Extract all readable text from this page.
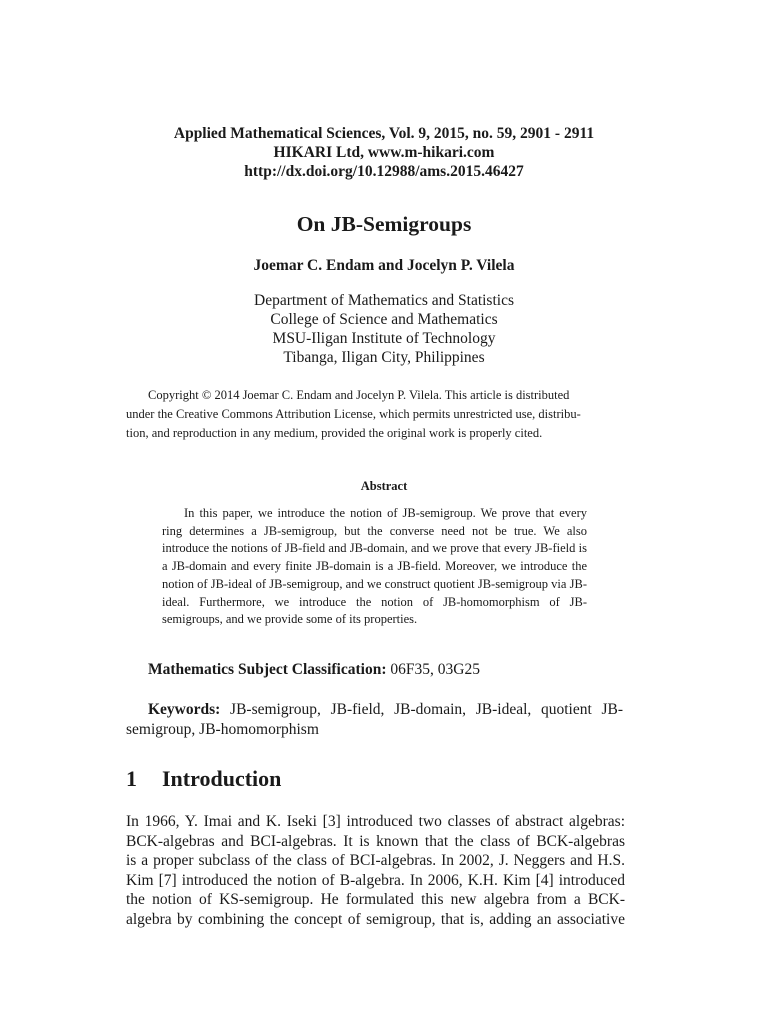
Applied Mathematical Sciences, Vol. 9, 2015, no. 59, 2901 - 2911
HIKARI Ltd, www.m-hikari.com
http://dx.doi.org/10.12988/ams.2015.46427
On JB-Semigroups
Joemar C. Endam and Jocelyn P. Vilela
Department of Mathematics and Statistics
College of Science and Mathematics
MSU-Iligan Institute of Technology
Tibanga, Iligan City, Philippines
Copyright © 2014 Joemar C. Endam and Jocelyn P. Vilela. This article is distributed
under the Creative Commons Attribution License, which permits unrestricted use, distribu-
tion, and reproduction in any medium, provided the original work is properly cited.
Abstract
In this paper, we introduce the notion of JB-semigroup. We prove that every ring determines a JB-semigroup, but the converse need not be true. We also introduce the notions of JB-field and JB-domain, and we prove that every JB-field is a JB-domain and every finite JB-domain is a JB-field. Moreover, we introduce the notion of JB-ideal of JB-semigroup, and we construct quotient JB-semigroup via JB-ideal. Furthermore, we introduce the notion of JB-homomorphism of JB-semigroups, and we provide some of its properties.
Mathematics Subject Classification: 06F35, 03G25
Keywords: JB-semigroup, JB-field, JB-domain, JB-ideal, quotient JB-semigroup, JB-homomorphism
1 Introduction
In 1966, Y. Imai and K. Iseki [3] introduced two classes of abstract algebras:
BCK-algebras and BCI-algebras. It is known that the class of BCK-algebras
is a proper subclass of the class of BCI-algebras. In 2002, J. Neggers and H.S.
Kim [7] introduced the notion of B-algebra. In 2006, K.H. Kim [4] introduced
the notion of KS-semigroup. He formulated this new algebra from a BCK-
algebra by combining the concept of semigroup, that is, adding an associative
